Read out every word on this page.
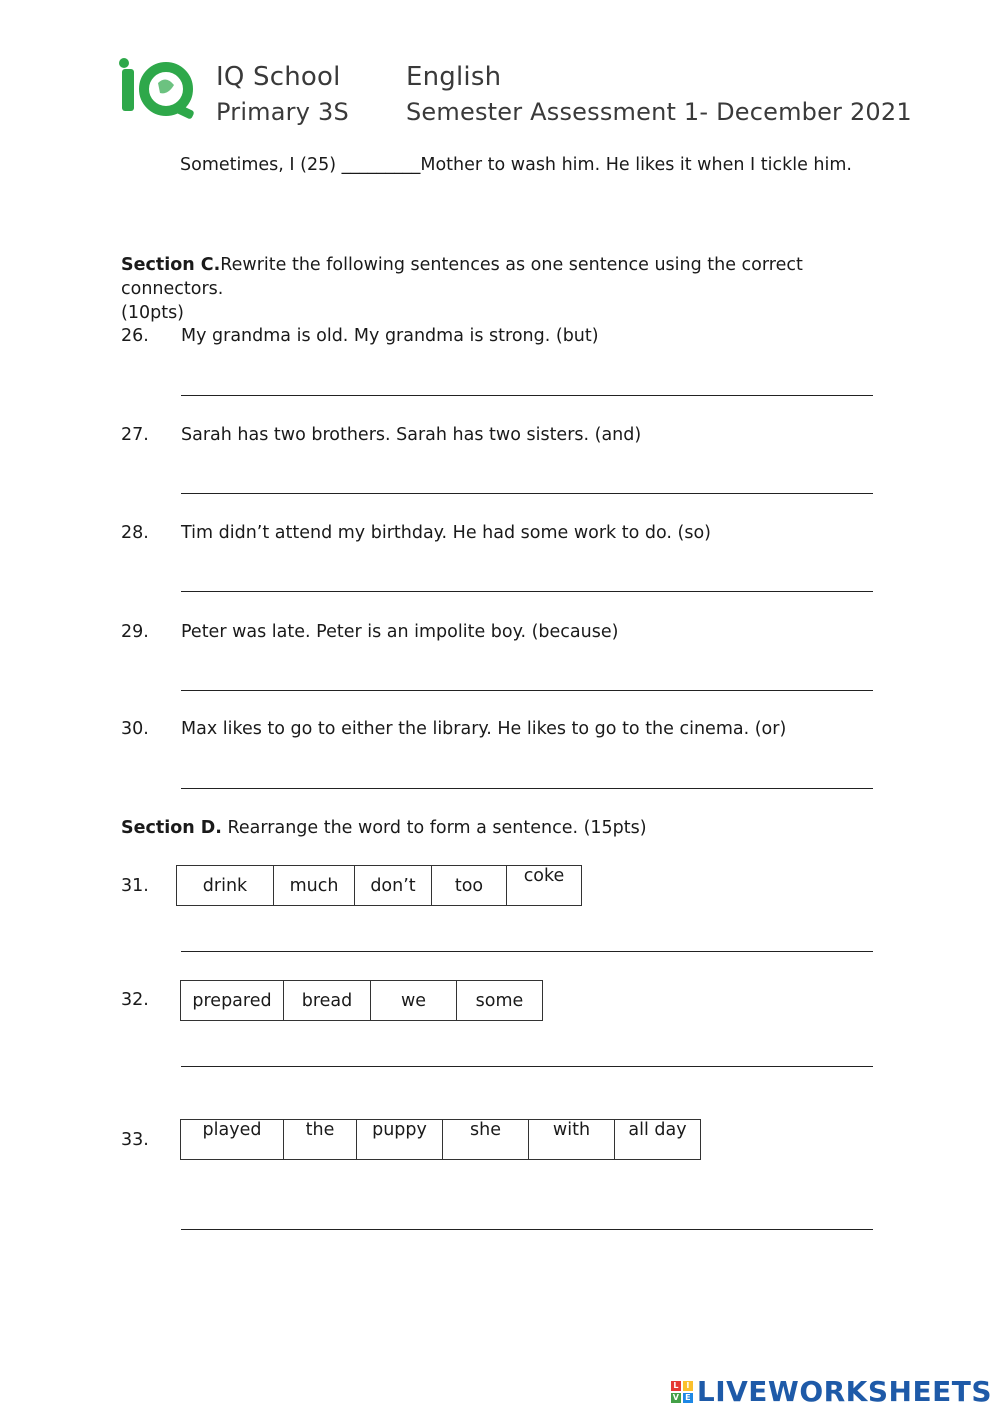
IQ School
Primary 3S
English
Semester Assessment 1- December 2021
Sometimes, I (25) _________Mother to wash him. He likes it when I tickle him.
Section C.Rewrite the following sentences as one sentence using the correct connectors.
(10pts)
26. My grandma is old. My grandma is strong. (but)
27. Sarah has two brothers. Sarah has two sisters. (and)
28. Tim didn’t attend my birthday. He had some work to do. (so)
29. Peter was late. Peter is an impolite boy. (because)
30. Max likes to go to either the library. He likes to go to the cinema. (or)
Section D. Rearrange the word to form a sentence. (15pts)
31.	drink	much	don’t	too	coke
32. prepared	bread	we	some
33.	played	the	puppy	she	with	all day
L I
V E LIVEWORKSHEETS
